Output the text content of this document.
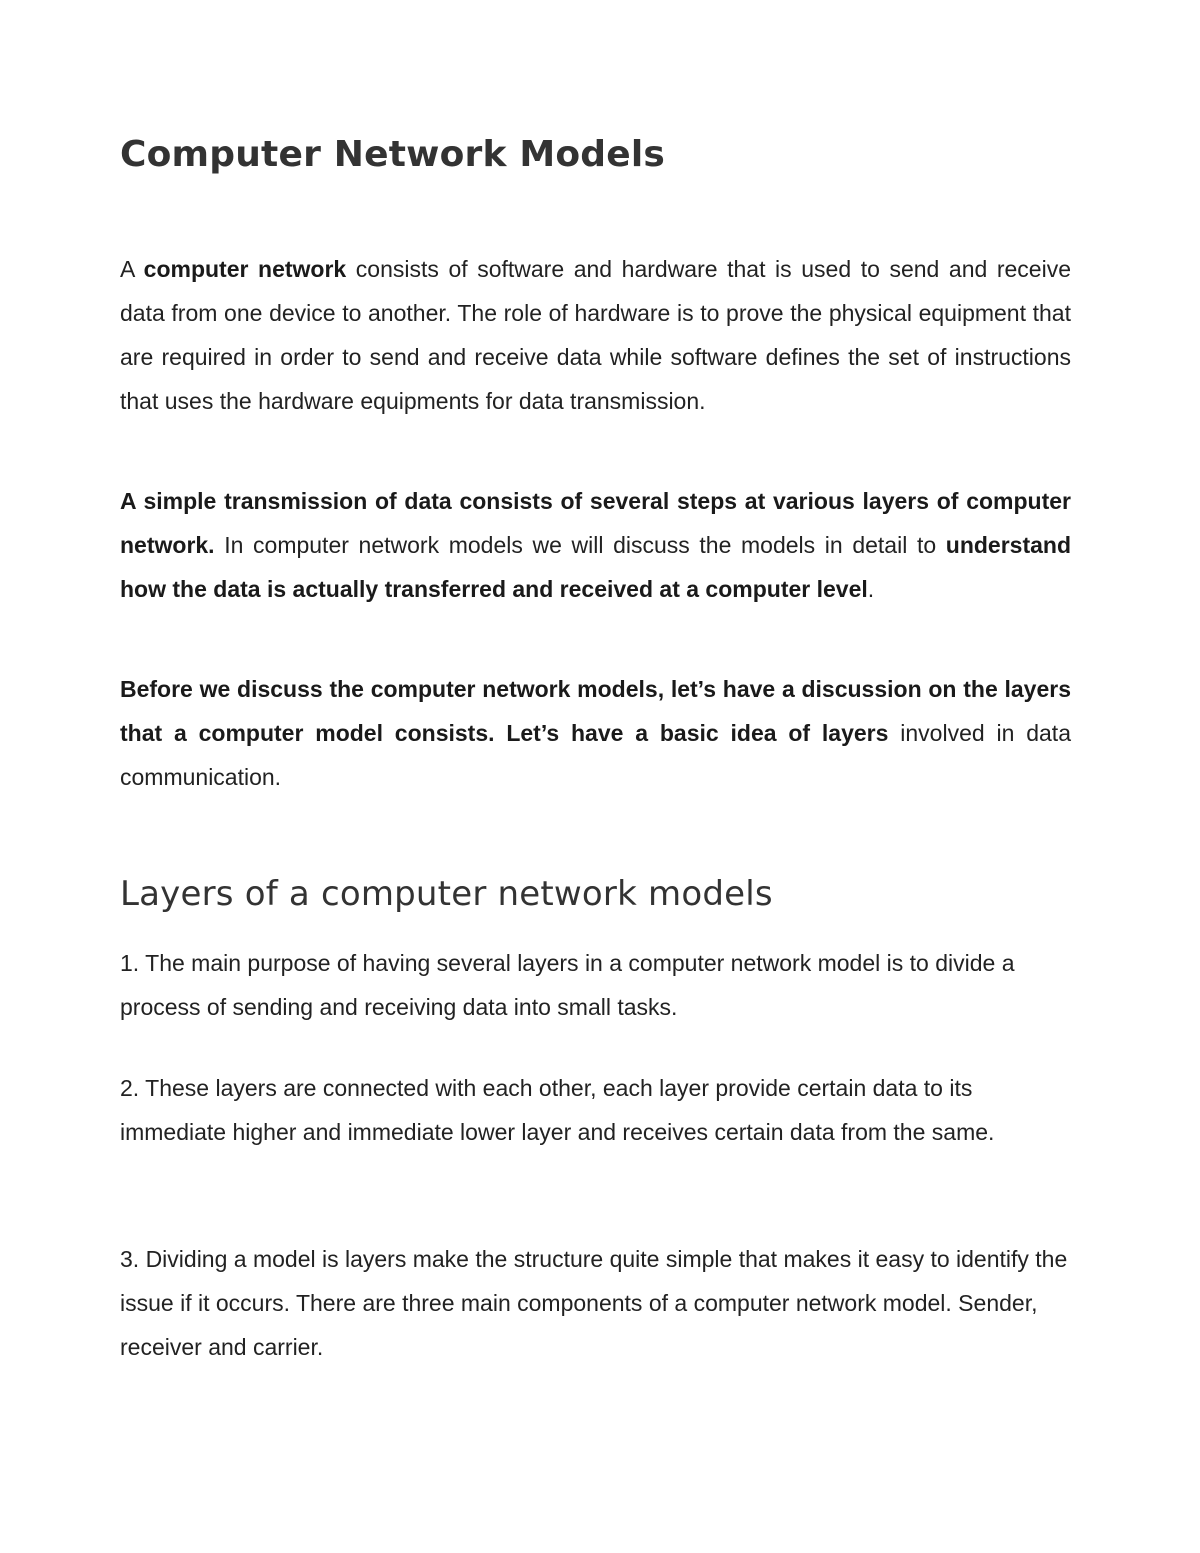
Computer Network Models

A computer network consists of software and hardware that is used to send and receive data from one device to another. The role of hardware is to prove the physical equipment that are required in order to send and receive data while software defines the set of instructions that uses the hardware equipments for data transmission.

A simple transmission of data consists of several steps at various layers of computer network. In computer network models we will discuss the models in detail to understand how the data is actually transferred and received at a computer level.

Before we discuss the computer network models, let’s have a discussion on the layers that a computer model consists. Let’s have a basic idea of layers involved in data communication.

Layers of a computer network models

1. The main purpose of having several layers in a computer network model is to divide a process of sending and receiving data into small tasks.

2. These layers are connected with each other, each layer provide certain data to its immediate higher and immediate lower layer and receives certain data from the same.

3. Dividing a model is layers make the structure quite simple that makes it easy to identify the issue if it occurs. There are three main components of a computer network model. Sender, receiver and carrier.
